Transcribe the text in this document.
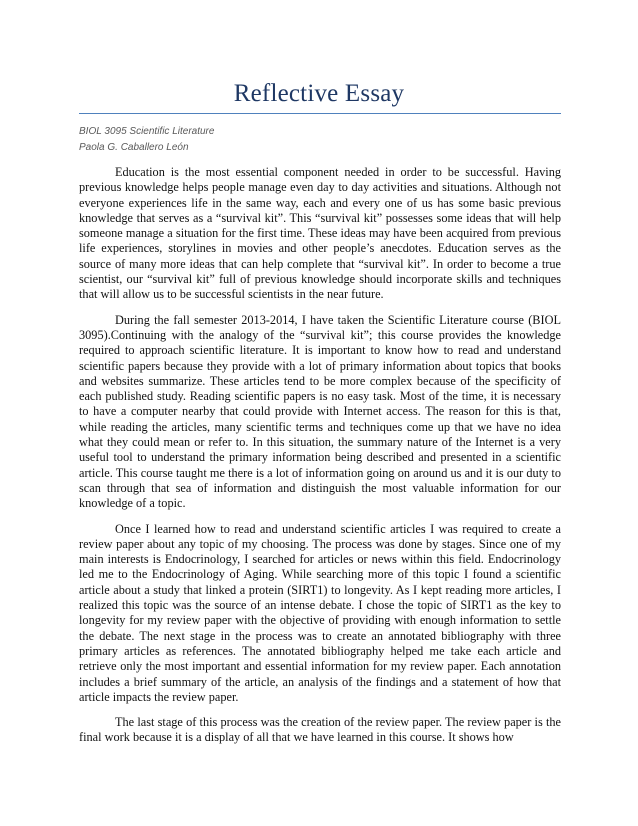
Reflective Essay
BIOL 3095 Scientific Literature
Paola G. Caballero León

Education is the most essential component needed in order to be successful. Having previous knowledge helps people manage even day to day activities and situations. Although not everyone experiences life in the same way, each and every one of us has some basic previous knowledge that serves as a “survival kit”. This “survival kit” possesses some ideas that will help someone manage a situation for the first time. These ideas may have been acquired from previous life experiences, storylines in movies and other people’s anecdotes. Education serves as the source of many more ideas that can help complete that “survival kit”. In order to become a true scientist, our “survival kit” full of previous knowledge should incorporate skills and techniques that will allow us to be successful scientists in the near future.

During the fall semester 2013-2014, I have taken the Scientific Literature course (BIOL 3095).Continuing with the analogy of the “survival kit”; this course provides the knowledge required to approach scientific literature. It is important to know how to read and understand scientific papers because they provide with a lot of primary information about topics that books and websites summarize. These articles tend to be more complex because of the specificity of each published study. Reading scientific papers is no easy task. Most of the time, it is necessary to have a computer nearby that could provide with Internet access. The reason for this is that, while reading the articles, many scientific terms and techniques come up that we have no idea what they could mean or refer to. In this situation, the summary nature of the Internet is a very useful tool to understand the primary information being described and presented in a scientific article. This course taught me there is a lot of information going on around us and it is our duty to scan through that sea of information and distinguish the most valuable information for our knowledge of a topic.

Once I learned how to read and understand scientific articles I was required to create a review paper about any topic of my choosing. The process was done by stages. Since one of my main interests is Endocrinology, I searched for articles or news within this field. Endocrinology led me to the Endocrinology of Aging. While searching more of this topic I found a scientific article about a study that linked a protein (SIRT1) to longevity. As I kept reading more articles, I realized this topic was the source of an intense debate. I chose the topic of SIRT1 as the key to longevity for my review paper with the objective of providing with enough information to settle the debate. The next stage in the process was to create an annotated bibliography with three primary articles as references. The annotated bibliography helped me take each article and retrieve only the most important and essential information for my review paper. Each annotation includes a brief summary of the article, an analysis of the findings and a statement of how that article impacts the review paper.

The last stage of this process was the creation of the review paper. The review paper is the final work because it is a display of all that we have learned in this course. It shows how
